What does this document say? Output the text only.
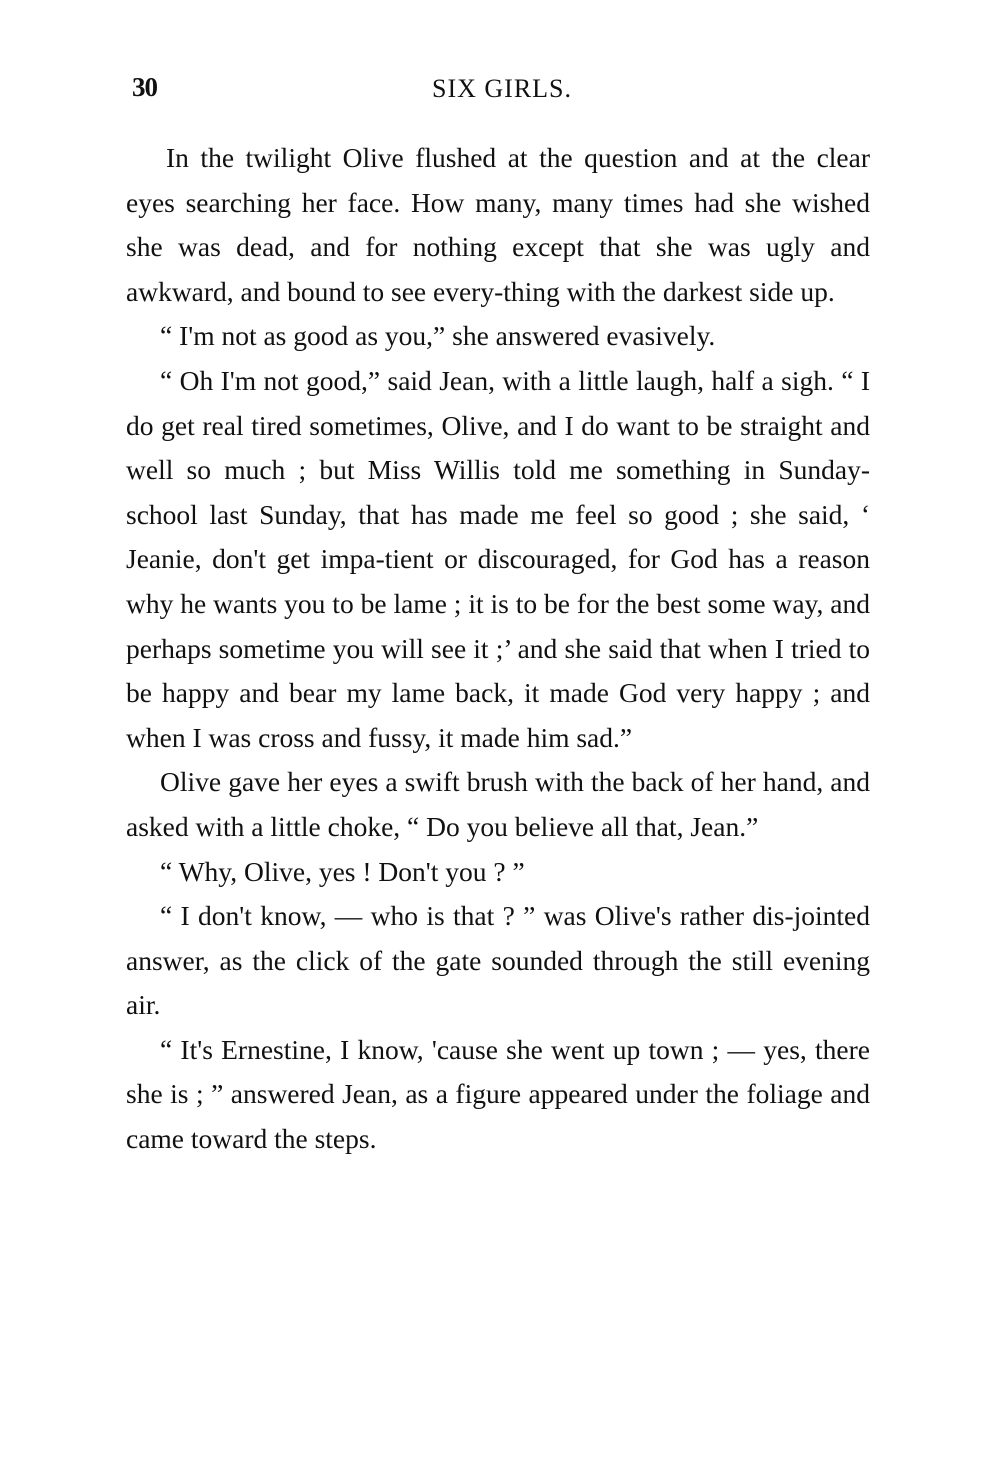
30	SIX GIRLS.

In the twilight Olive flushed at the question and at the clear eyes searching her face. How many, many times had she wished she was dead, and for nothing except that she was ugly and awkward, and bound to see every-thing with the darkest side up.

“ I'm not as good as you,” she answered evasively.

“ Oh I'm not good,” said Jean, with a little laugh, half a sigh. “ I do get real tired sometimes, Olive, and I do want to be straight and well so much ; but Miss Willis told me something in Sunday-school last Sunday, that has made me feel so good ; she said, ‘ Jeanie, don't get impa-tient or discouraged, for God has a reason why he wants you to be lame ; it is to be for the best some way, and perhaps sometime you will see it ;’ and she said that when I tried to be happy and bear my lame back, it made God very happy ; and when I was cross and fussy, it made him sad.”

Olive gave her eyes a swift brush with the back of her hand, and asked with a little choke, “ Do you believe all that, Jean.”

“ Why, Olive, yes ! Don't you ? ”

“ I don't know, — who is that ? ” was Olive's rather dis-jointed answer, as the click of the gate sounded through the still evening air.

“ It's Ernestine, I know, 'cause she went up town ; — yes, there she is ; ” answered Jean, as a figure appeared under the foliage and came toward the steps.
